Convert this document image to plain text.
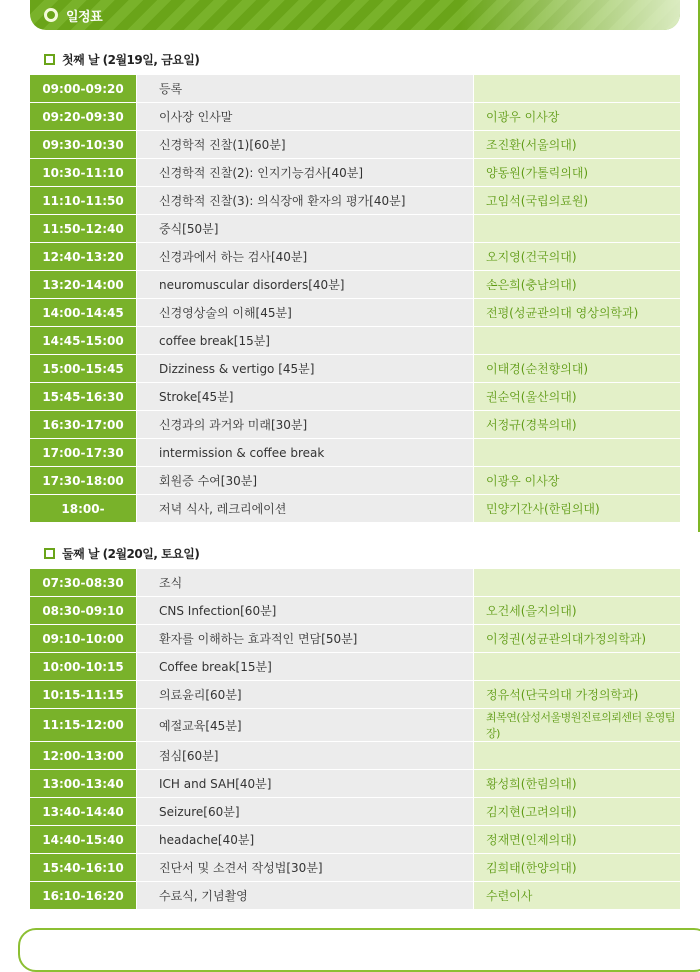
일정표
첫째 날 (2월19일, 금요일)
09:00-09:20	등록	
09:20-09:30	이사장 인사말	이광우 이사장
09:30-10:30	신경학적 진찰(1)[60분]	조진환(서울의대)
10:30-11:10	신경학적 진찰(2): 인지기능검사[40분]	양동원(가톨릭의대)
11:10-11:50	신경학적 진찰(3): 의식장애 환자의 평가[40분]	고임석(국립의료원)
11:50-12:40	중식[50분]	
12:40-13:20	신경과에서 하는 검사[40분]	오지영(건국의대)
13:20-14:00	neuromuscular disorders[40분]	손은희(충남의대)
14:00-14:45	신경영상술의 이해[45분]	전평(성균관의대 영상의학과)
14:45-15:00	coffee break[15분]	
15:00-15:45	Dizziness & vertigo [45분]	이태경(순천향의대)
15:45-16:30	Stroke[45분]	권순억(울산의대)
16:30-17:00	신경과의 과거와 미래[30분]	서정규(경북의대)
17:00-17:30	intermission & coffee break	
17:30-18:00	회원증 수여[30분]	이광우 이사장
18:00-	저녁 식사, 레크리에이션	민양기간사(한림의대)
둘째 날 (2월20일, 토요일)
07:30-08:30	조식	
08:30-09:10	CNS Infection[60분]	오건세(을지의대)
09:10-10:00	환자를 이해하는 효과적인 면담[50분]	이정권(성균관의대가정의학과)
10:00-10:15	Coffee break[15분]	
10:15-11:15	의료윤리[60분]	정유석(단국의대 가정의학과)
11:15-12:00	예절교육[45분]	최복연(삼성서울병원진료의뢰센터 운영팀장)
12:00-13:00	점심[60분]	
13:00-13:40	ICH and SAH[40분]	황성희(한림의대)
13:40-14:40	Seizure[60분]	김지현(고려의대)
14:40-15:40	headache[40분]	정재면(인제의대)
15:40-16:10	진단서 및 소견서 작성법[30분]	김희태(한양의대)
16:10-16:20	수료식, 기념촬영	수련이사
